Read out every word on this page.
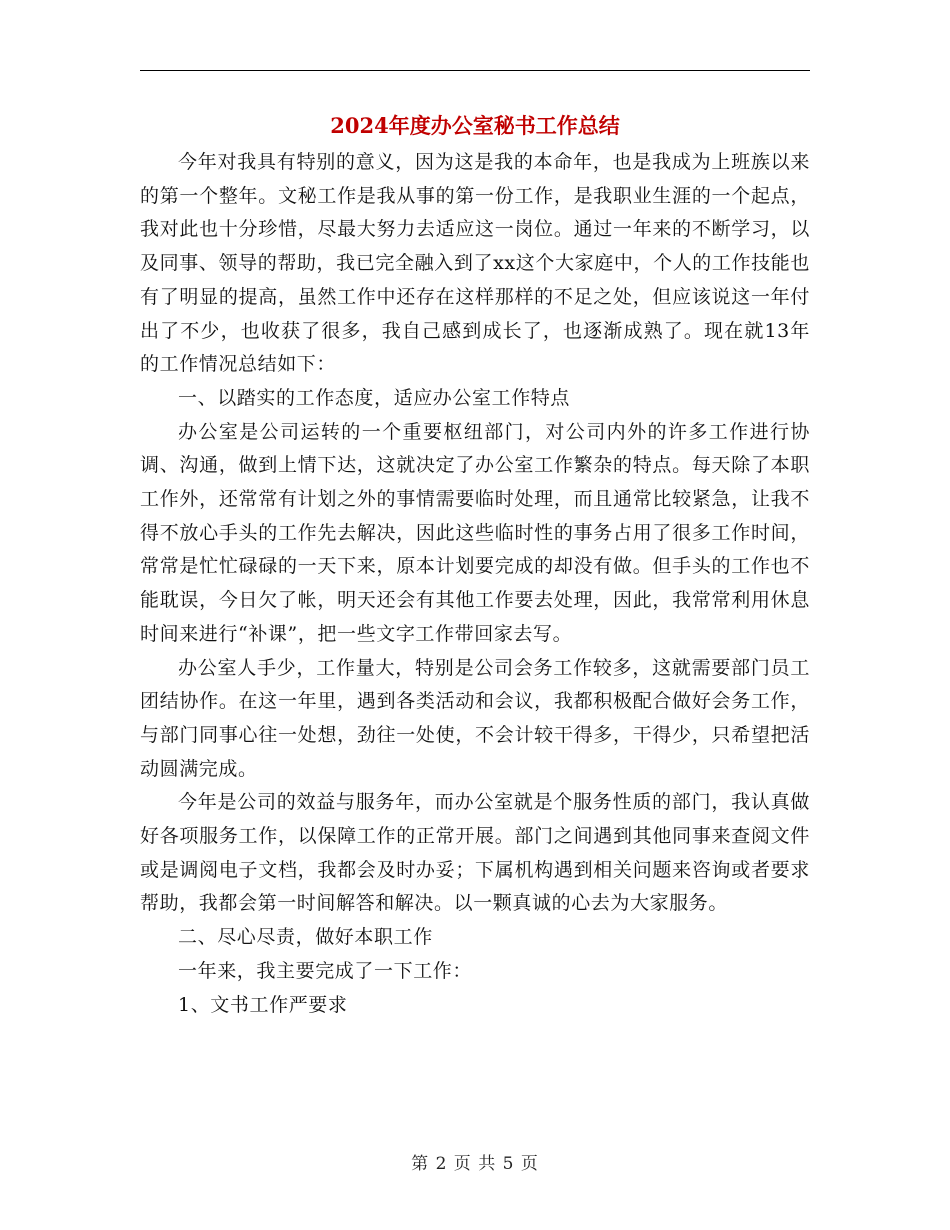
2024年度办公室秘书工作总结

今年对我具有特别的意义，因为这是我的本命年，也是我成为上班族以来的第一个整年。文秘工作是我从事的第一份工作，是我职业生涯的一个起点，我对此也十分珍惜，尽最大努力去适应这一岗位。通过一年来的不断学习，以及同事、领导的帮助，我已完全融入到了xx这个大家庭中，个人的工作技能也有了明显的提高，虽然工作中还存在这样那样的不足之处，但应该说这一年付出了不少，也收获了很多，我自己感到成长了，也逐渐成熟了。现在就13年的工作情况总结如下：

一、以踏实的工作态度，适应办公室工作特点

办公室是公司运转的一个重要枢纽部门，对公司内外的许多工作进行协调、沟通，做到上情下达，这就决定了办公室工作繁杂的特点。每天除了本职工作外，还常常有计划之外的事情需要临时处理，而且通常比较紧急，让我不得不放心手头的工作先去解决，因此这些临时性的事务占用了很多工作时间，常常是忙忙碌碌的一天下来，原本计划要完成的却没有做。但手头的工作也不能耽误，今日欠了帐，明天还会有其他工作要去处理，因此，我常常利用休息时间来进行“补课”，把一些文字工作带回家去写。

办公室人手少，工作量大，特别是公司会务工作较多，这就需要部门员工团结协作。在这一年里，遇到各类活动和会议，我都积极配合做好会务工作，与部门同事心往一处想，劲往一处使，不会计较干得多，干得少，只希望把活动圆满完成。

今年是公司的效益与服务年，而办公室就是个服务性质的部门，我认真做好各项服务工作，以保障工作的正常开展。部门之间遇到其他同事来查阅文件或是调阅电子文档，我都会及时办妥；下属机构遇到相关问题来咨询或者要求帮助，我都会第一时间解答和解决。以一颗真诚的心去为大家服务。

二、尽心尽责，做好本职工作

一年来，我主要完成了一下工作：

1、文书工作严要求

第 2 页 共 5 页
